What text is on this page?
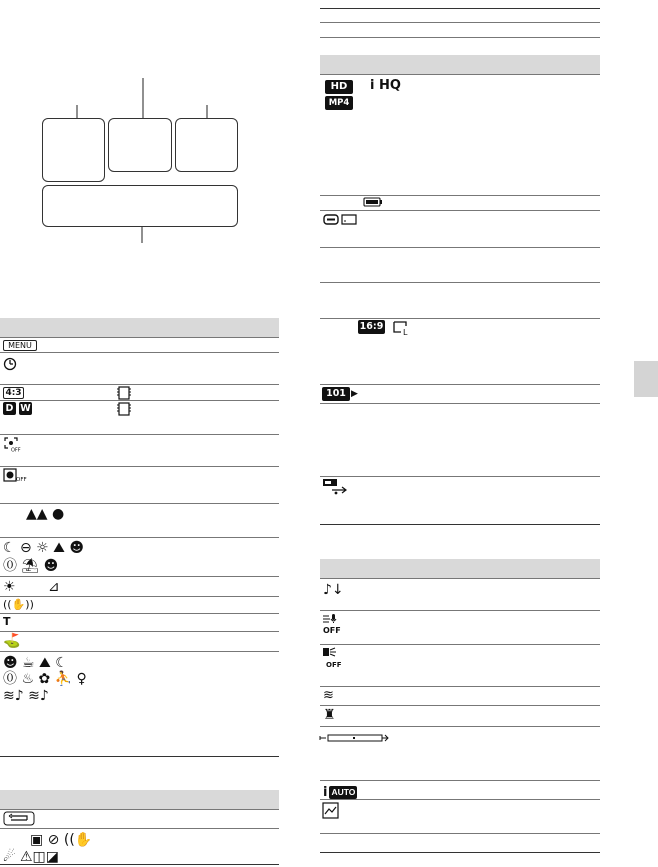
MENU
4:3
D W
OFF
OFF
▲▲ ●
☾ ⊖ ☼ ⛰ ☻
⓪ ⛱ ☻
☀ ⊿
((✋))
T
⛳
☻ ☕ ⛰ ☾
⓪ ♨ ✿ ⛹ ♀
≋♪ ≋♪
▣ ⊘ ((✋
☄ ⚠◫◪
HD	i HQ
MP4
16:9
L
101 ▶
♪↓
OFF
OFF
≋
♜
i AUTO
